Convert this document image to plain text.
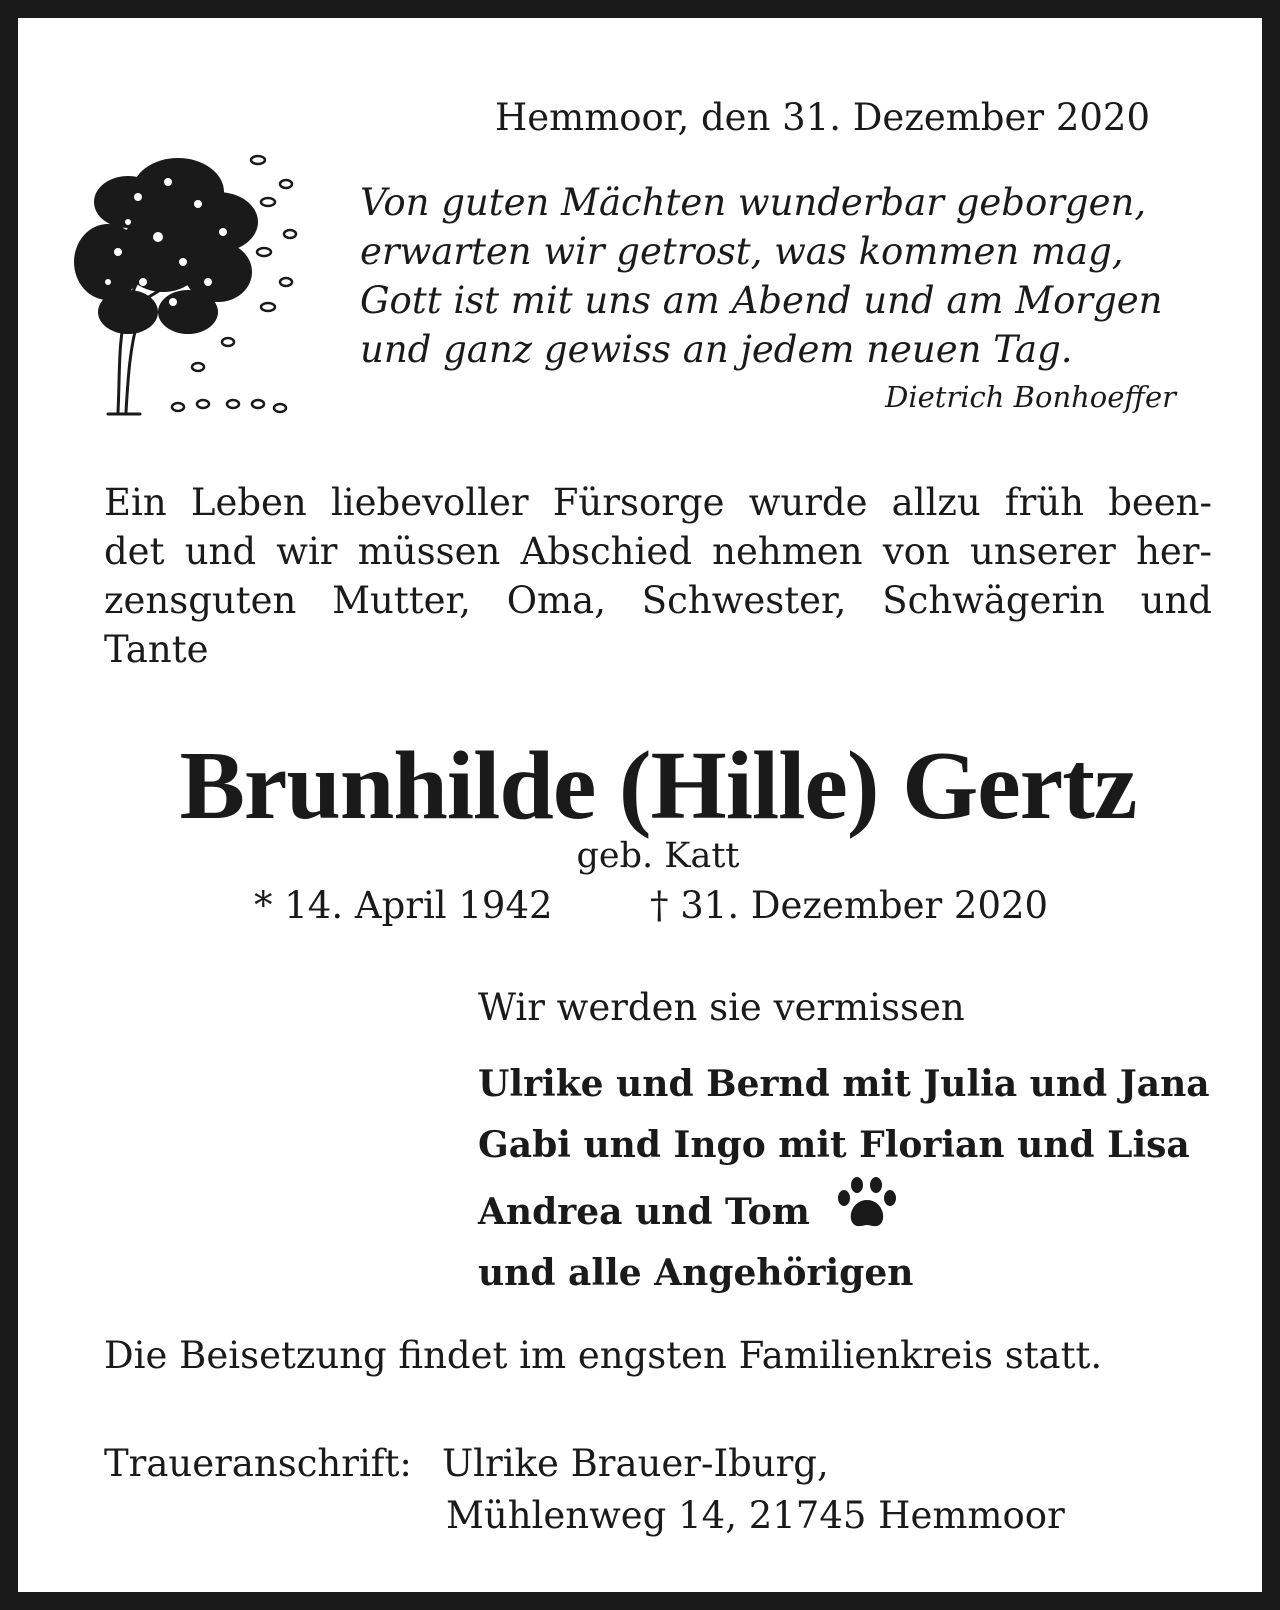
Hemmoor, den 31. Dezember 2020
Von guten Mächten wunderbar geborgen,
erwarten wir getrost, was kommen mag,
Gott ist mit uns am Abend und am Morgen
und ganz gewiss an jedem neuen Tag.
Dietrich Bonhoeffer
Ein Leben liebevoller Fürsorge wurde allzu früh been-
det und wir müssen Abschied nehmen von unserer her-
zensguten Mutter, Oma, Schwester, Schwägerin und
Tante
Brunhilde (Hille) Gertz
geb. Katt
* 14. April 1942	† 31. Dezember 2020
Wir werden sie vermissen
Ulrike und Bernd mit Julia und Jana
Gabi und Ingo mit Florian und Lisa
Andrea und Tom
und alle Angehörigen
Die Beisetzung findet im engsten Familienkreis statt.
Traueranschrift: Ulrike Brauer-Iburg,
Mühlenweg 14, 21745 Hemmoor
